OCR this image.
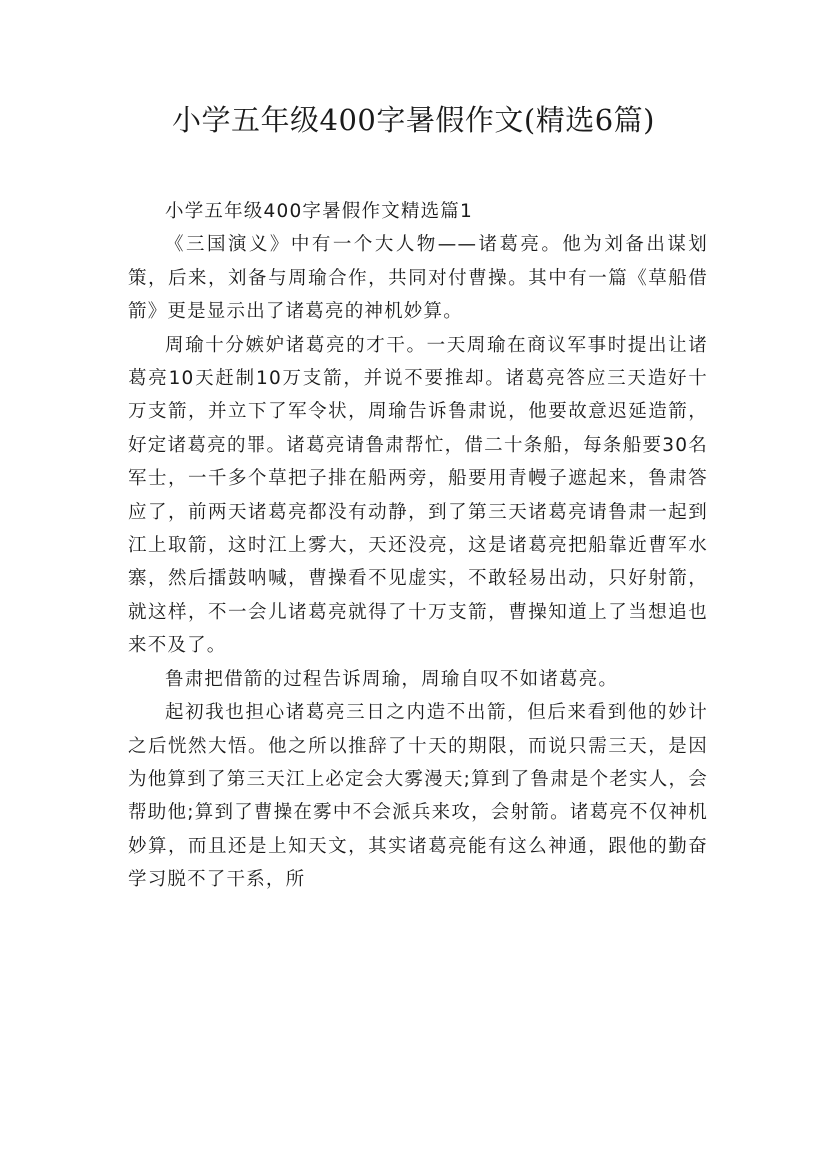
小学五年级400字暑假作文(精选6篇)

小学五年级400字暑假作文精选篇1

《三国演义》中有一个大人物——诸葛亮。他为刘备出谋划策，后来，刘备与周瑜合作，共同对付曹操。其中有一篇《草船借箭》更是显示出了诸葛亮的神机妙算。

周瑜十分嫉妒诸葛亮的才干。一天周瑜在商议军事时提出让诸葛亮10天赶制10万支箭，并说不要推却。诸葛亮答应三天造好十万支箭，并立下了军令状，周瑜告诉鲁肃说，他要故意迟延造箭，好定诸葛亮的罪。诸葛亮请鲁肃帮忙，借二十条船，每条船要30名军士，一千多个草把子排在船两旁，船要用青幔子遮起来，鲁肃答应了，前两天诸葛亮都没有动静，到了第三天诸葛亮请鲁肃一起到江上取箭，这时江上雾大，天还没亮，这是诸葛亮把船靠近曹军水寨，然后擂鼓呐喊，曹操看不见虚实，不敢轻易出动，只好射箭，就这样，不一会儿诸葛亮就得了十万支箭，曹操知道上了当想追也来不及了。

鲁肃把借箭的过程告诉周瑜，周瑜自叹不如诸葛亮。

起初我也担心诸葛亮三日之内造不出箭，但后来看到他的妙计之后恍然大悟。他之所以推辞了十天的期限，而说只需三天，是因为他算到了第三天江上必定会大雾漫天;算到了鲁肃是个老实人，会帮助他;算到了曹操在雾中不会派兵来攻，会射箭。诸葛亮不仅神机妙算，而且还是上知天文，其实诸葛亮能有这么神通，跟他的勤奋学习脱不了干系，所
